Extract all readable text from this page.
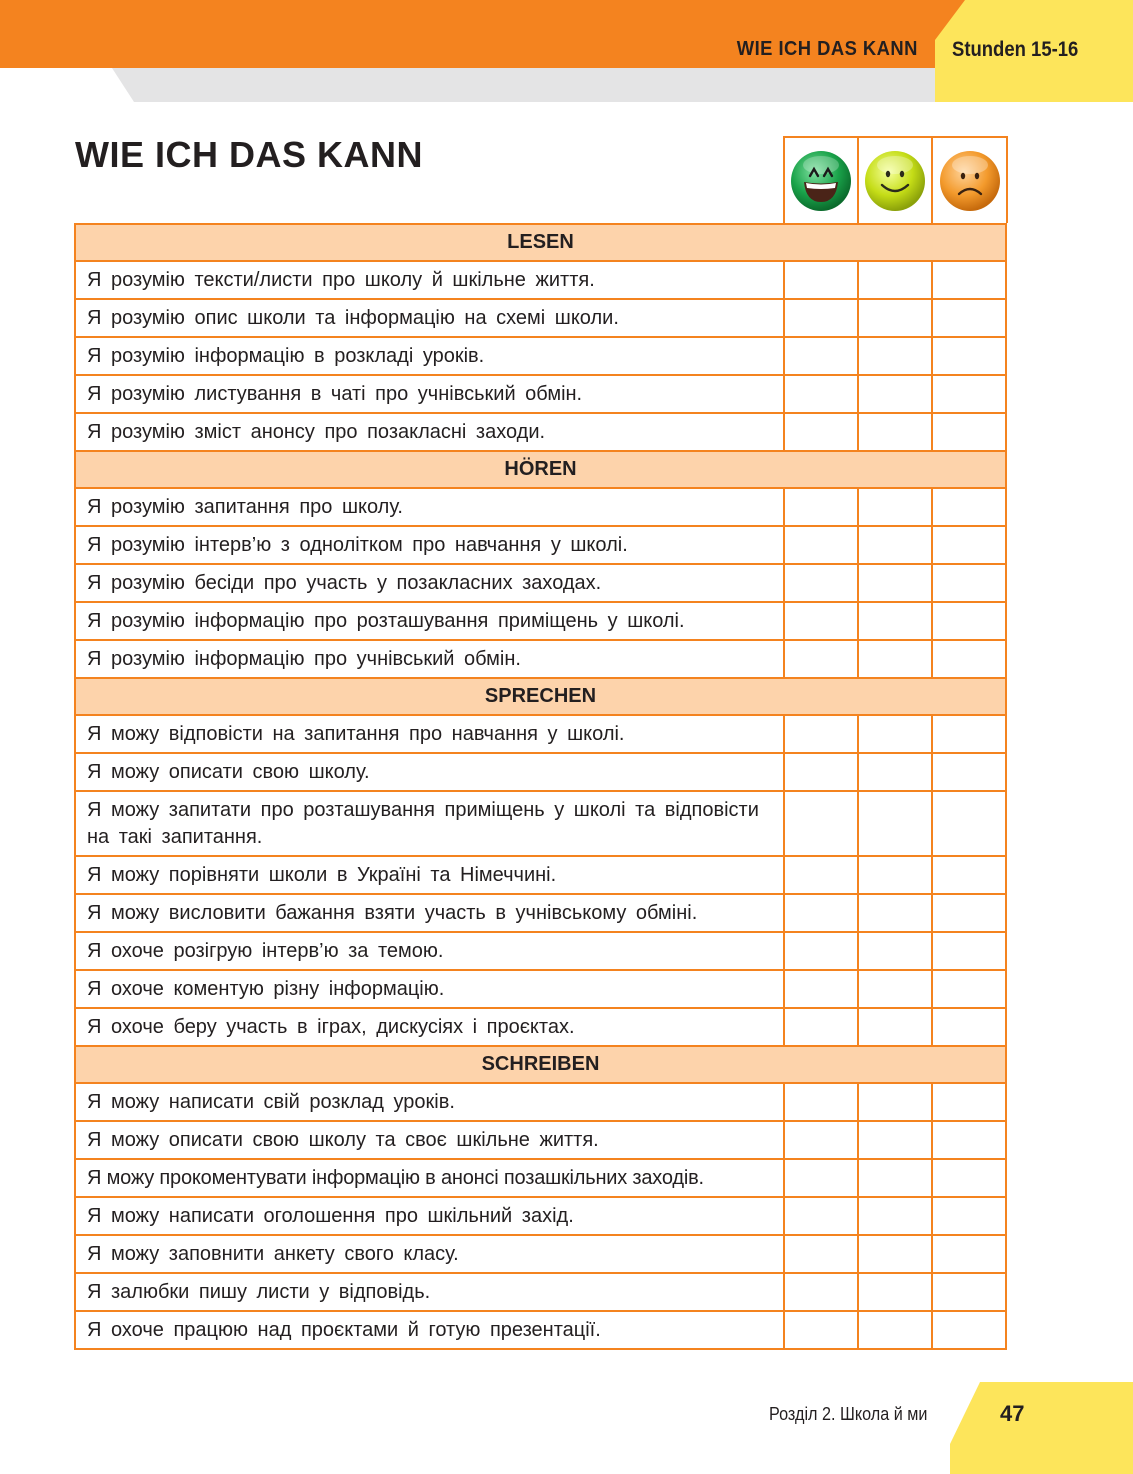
WIE ICH DAS KANN Stunden 15-16
WIE ICH DAS KANN
LESEN			
Я розумію тексти/листи про школу й шкільне життя.			
Я розумію опис школи та інформацію на схемі школи.			
Я розумію інформацію в розкладі уроків.			
Я розумію листування в чаті про учнівський обмін.			
Я розумію зміст анонсу про позакласні заходи.			
HÖREN			
Я розумію запитання про школу.			
Я розумію інтерв’ю з однолітком про навчання у школі.			
Я розумію бесіди про участь у позакласних заходах.			
Я розумію інформацію про розташування приміщень у школі.			
Я розумію інформацію про учнівський обмін.			
SPRECHEN			
Я можу відповісти на запитання про навчання у школі.			
Я можу описати свою школу.			
Я можу запитати про розташування приміщень у школі та відповісти на такі запитання.			
Я можу порівняти школи в Україні та Німеччині.			
Я можу висловити бажання взяти участь в учнівському обміні.			
Я охоче розігрую інтерв’ю за темою.			
Я охоче коментую різну інформацію.			
Я охоче беру участь в іграх, дискусіях і проєктах.			
SCHREIBEN			
Я можу написати свій розклад уроків.			
Я можу описати свою школу та своє шкільне життя.			
Я можу прокоментувати інформацію в анонсі позашкільних заходів.			
Я можу написати оголошення про шкільний захід.			
Я можу заповнити анкету свого класу.			
Я залюбки пишу листи у відповідь.			
Я охоче працюю над проєктами й готую презентації.			
Розділ 2. Школа й ми	47
